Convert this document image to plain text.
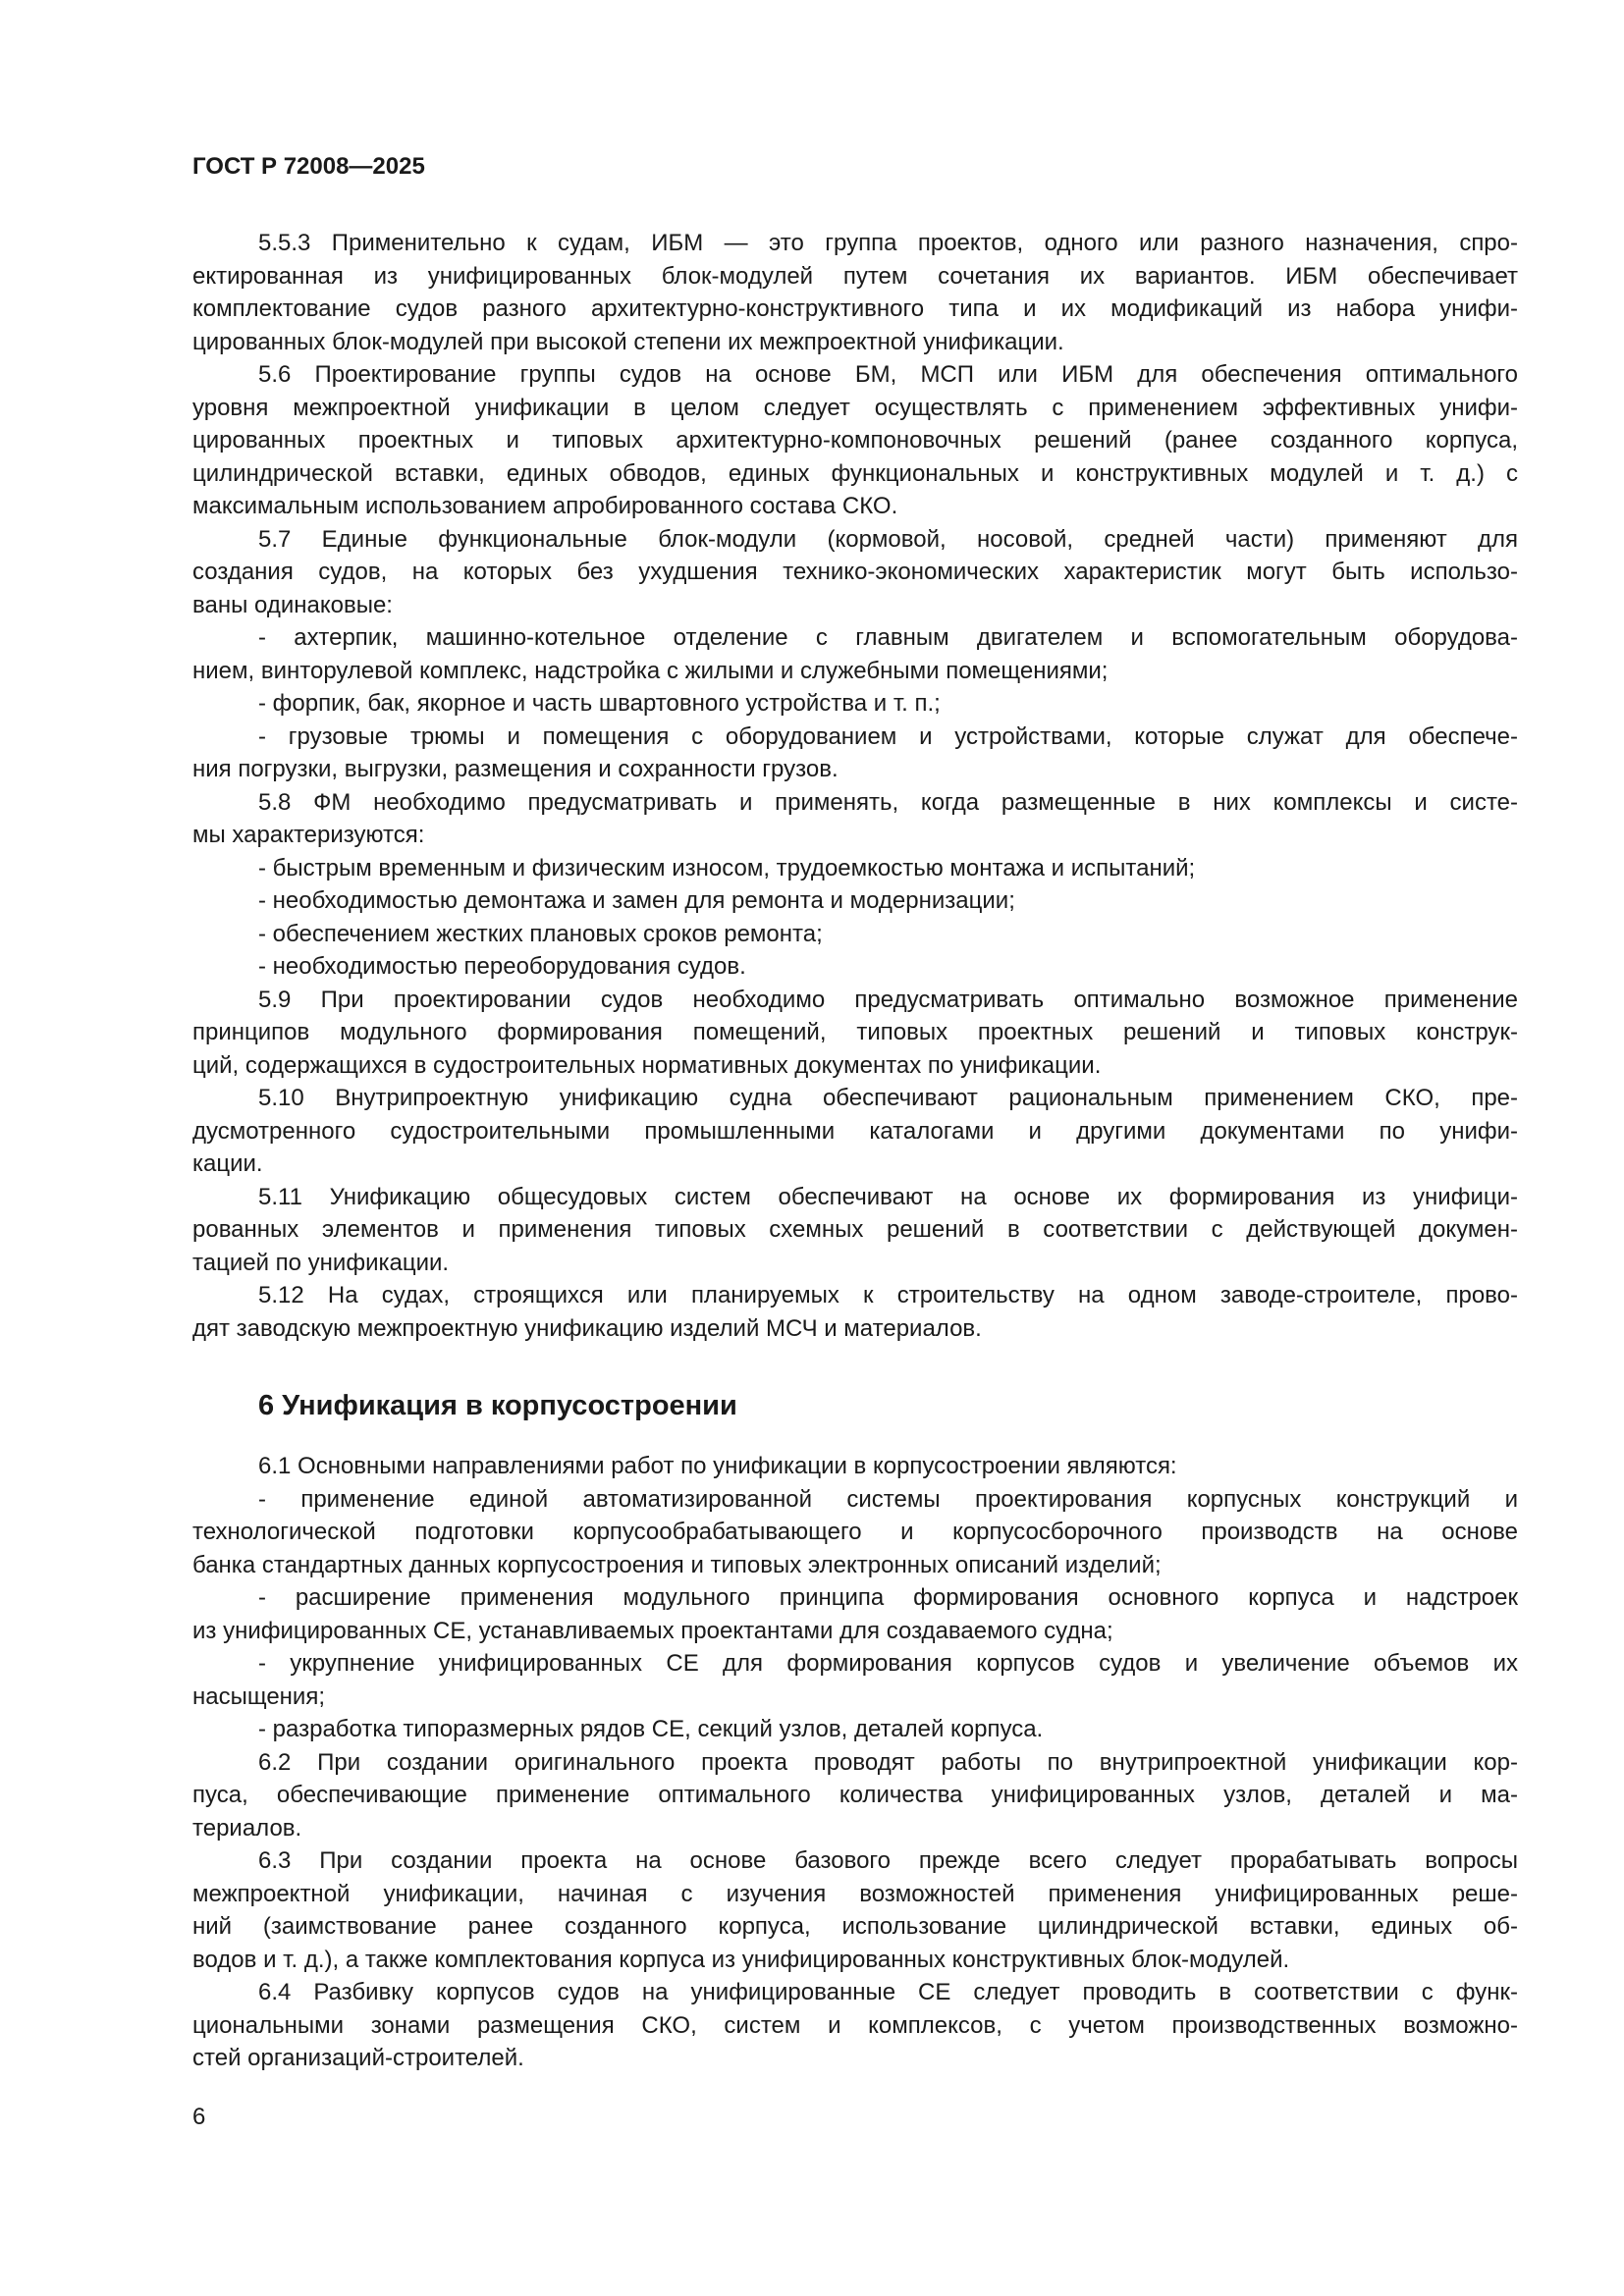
ГОСТ Р 72008—2025
5.5.3 Применительно к судам, ИБМ — это группа проектов, одного или разного назначения, спро-
ектированная из унифицированных блок-модулей путем сочетания их вариантов. ИБМ обеспечивает
комплектование судов разного архитектурно-конструктивного типа и их модификаций из набора унифи-
цированных блок-модулей при высокой степени их межпроектной унификации.
5.6 Проектирование группы судов на основе БМ, МСП или ИБМ для обеспечения оптимального
уровня межпроектной унификации в целом следует осуществлять с применением эффективных унифи-
цированных проектных и типовых архитектурно-компоновочных решений (ранее созданного корпуса,
цилиндрической вставки, единых обводов, единых функциональных и конструктивных модулей и т. д.) с
максимальным использованием апробированного состава СКО.
5.7 Единые функциональные блок-модули (кормовой, носовой, средней части) применяют для
создания судов, на которых без ухудшения технико-экономических характеристик могут быть использо-
ваны одинаковые:
- ахтерпик, машинно-котельное отделение с главным двигателем и вспомогательным оборудова-
нием, винторулевой комплекс, надстройка с жилыми и служебными помещениями;
- форпик, бак, якорное и часть швартовного устройства и т. п.;
- грузовые трюмы и помещения с оборудованием и устройствами, которые служат для обеспече-
ния погрузки, выгрузки, размещения и сохранности грузов.
5.8 ФМ необходимо предусматривать и применять, когда размещенные в них комплексы и систе-
мы характеризуются:
- быстрым временным и физическим износом, трудоемкостью монтажа и испытаний;
- необходимостью демонтажа и замен для ремонта и модернизации;
- обеспечением жестких плановых сроков ремонта;
- необходимостью переоборудования судов.
5.9 При проектировании судов необходимо предусматривать оптимально возможное применение
принципов модульного формирования помещений, типовых проектных решений и типовых конструк-
ций, содержащихся в судостроительных нормативных документах по унификации.
5.10 Внутрипроектную унификацию судна обеспечивают рациональным применением СКО, пре-
дусмотренного судостроительными промышленными каталогами и другими документами по унифи-
кации.
5.11 Унификацию общесудовых систем обеспечивают на основе их формирования из унифици-
рованных элементов и применения типовых схемных решений в соответствии с действующей докумен-
тацией по унификации.
5.12 На судах, строящихся или планируемых к строительству на одном заводе-строителе, прово-
дят заводскую межпроектную унификацию изделий МСЧ и материалов.
6 Унификация в корпусостроении
6.1 Основными направлениями работ по унификации в корпусостроении являются:
- применение единой автоматизированной системы проектирования корпусных конструкций и
технологической подготовки корпусообрабатывающего и корпусосборочного производств на основе
банка стандартных данных корпусостроения и типовых электронных описаний изделий;
- расширение применения модульного принципа формирования основного корпуса и надстроек
из унифицированных СЕ, устанавливаемых проектантами для создаваемого судна;
- укрупнение унифицированных СЕ для формирования корпусов судов и увеличение объемов их
насыщения;
- разработка типоразмерных рядов СЕ, секций узлов, деталей корпуса.
6.2 При создании оригинального проекта проводят работы по внутрипроектной унификации кор-
пуса, обеспечивающие применение оптимального количества унифицированных узлов, деталей и ма-
териалов.
6.3 При создании проекта на основе базового прежде всего следует прорабатывать вопросы
межпроектной унификации, начиная с изучения возможностей применения унифицированных реше-
ний (заимствование ранее созданного корпуса, использование цилиндрической вставки, единых об-
водов и т. д.), а также комплектования корпуса из унифицированных конструктивных блок-модулей.
6.4 Разбивку корпусов судов на унифицированные СЕ следует проводить в соответствии с функ-
циональными зонами размещения СКО, систем и комплексов, с учетом производственных возможно-
стей организаций-строителей.
6
